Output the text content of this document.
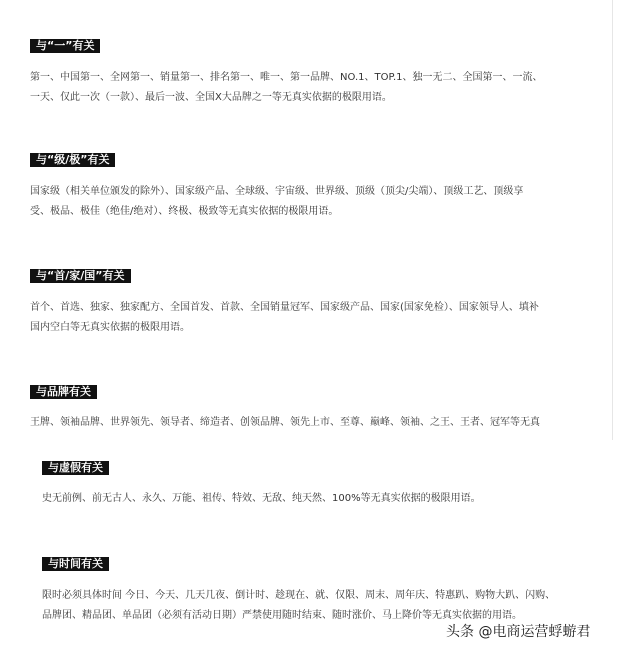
与“一”有关
第一、中国第一、全网第一、销量第一、排名第一、唯一、第一品牌、NO.1、TOP.1、独一无二、全国第一、一流、
一天、仅此一次（一款）、最后一波、全国X大品牌之一等无真实依据的极限用语。
与“级/极”有关
国家级（相关单位颁发的除外）、国家级产品、全球级、宇宙级、世界级、顶级（顶尖/尖端）、顶级工艺、顶级享
受、极品、极佳（绝佳/绝对）、终极、极致等无真实依据的极限用语。
与“首/家/国”有关
首个、首选、独家、独家配方、全国首发、首款、全国销量冠军、国家级产品、国家(国家免检）、国家领导人、填补
国内空白等无真实依据的极限用语。
与品牌有关
王牌、领袖品牌、世界领先、领导者、缔造者、创领品牌、领先上市、至尊、巅峰、领袖、之王、王者、冠军等无真
与虚假有关
史无前例、前无古人、永久、万能、祖传、特效、无敌、纯天然、100%等无真实依据的极限用语。
与时间有关
限时必须具体时间 今日、今天、几天几夜、倒计时、趁现在、就、仅限、周末、周年庆、特惠趴、购物大趴、闪购、
品牌团、精品团、单品团（必须有活动日期）严禁使用随时结束、随时涨价、马上降价等无真实依据的用语。
头条 @电商运营蜉蝣君
